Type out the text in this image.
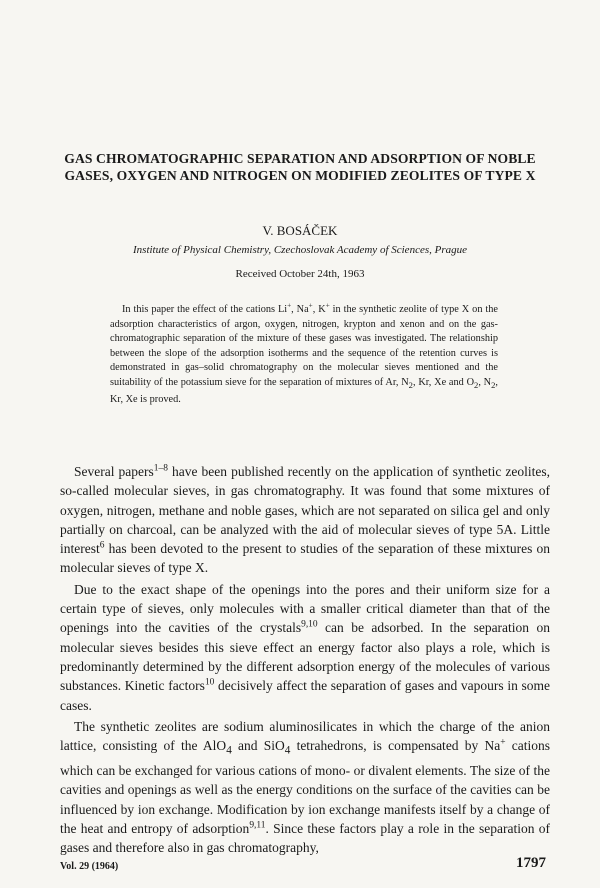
GAS CHROMATOGRAPHIC SEPARATION AND ADSORPTION OF NOBLE GASES, OXYGEN AND NITROGEN ON MODIFIED ZEOLITES OF TYPE X
V. BOSÁČEK
Institute of Physical Chemistry, Czechoslovak Academy of Sciences, Prague
Received October 24th, 1963

In this paper the effect of the cations Li+, Na+, K+ in the synthetic zeolite of type X on the adsorption characteristics of argon, oxygen, nitrogen, krypton and xenon and on the gas-chromatographic separation of the mixture of these gases was investigated. The relationship between the slope of the adsorption isotherms and the sequence of the retention curves is demonstrated in gas–solid chromatography on the molecular sieves mentioned and the suitability of the potassium sieve for the separation of mixtures of Ar, $N_2$, Kr, Xe and $O_2$, $N_2$, Kr, Xe is proved.

Several papers$^{1-8}$ have been published recently on the application of synthetic zeolites, so-called molecular sieves, in gas chromatography. It was found that some mixtures of oxygen, nitrogen, methane and noble gases, which are not separated on silica gel and only partially on charcoal, can be analyzed with the aid of molecular sieves of type 5A. Little interest$^6$ has been devoted to the present to studies of the separation of these mixtures on molecular sieves of type X.

Due to the exact shape of the openings into the pores and their uniform size for a certain type of sieves, only molecules with a smaller critical diameter than that of the openings into the cavities of the crystals$^{9,10}$ can be adsorbed. In the separation on molecular sieves besides this sieve effect an energy factor also plays a role, which is predominantly determined by the different adsorption energy of the molecules of various substances. Kinetic factors$^{10}$ decisively affect the separation of gases and vapours in some cases.

The synthetic zeolites are sodium aluminosilicates in which the charge of the anion lattice, consisting of the AlO$_4$ and SiO$_4$ tetrahedrons, is compensated by Na+ cations which can be exchanged for various cations of mono- or divalent elements. The size of the cavities and openings as well as the energy conditions on the surface of the cavities can be influenced by ion exchange. Modification by ion exchange manifests itself by a change of the heat and entropy of adsorption$^{9,11}$. Since these factors play a role in the separation of gases and therefore also in gas chromatography,

Vol. 29 (1964)	1797
